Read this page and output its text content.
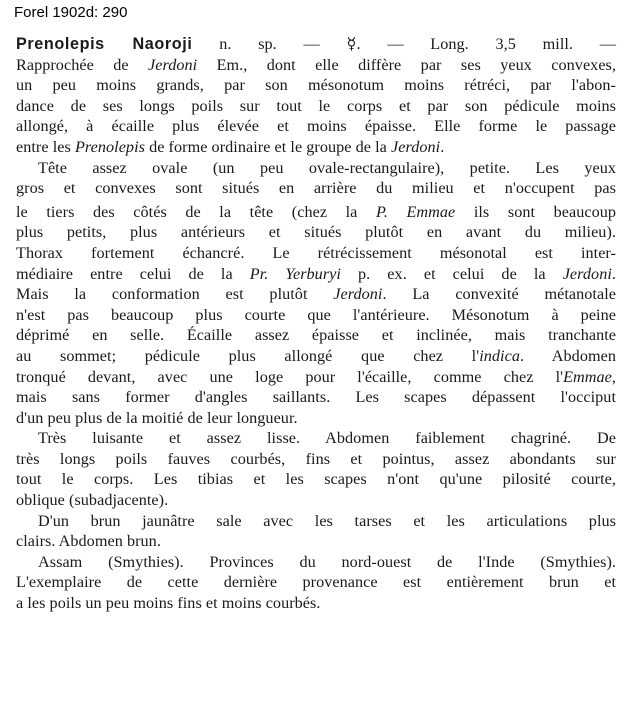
Forel 1902d: 290
Prenolepis Naoroji n. sp. — ☿. — Long. 3,5 mill. —
Rapprochée de Jerdoni Em., dont elle diffère par ses yeux convexes,
un peu moins grands, par son mésonotum moins rétréci, par l'abon-
dance de ses longs poils sur tout le corps et par son pédicule moins
allongé, à écaille plus élevée et moins épaisse. Elle forme le passage
entre les Prenolepis de forme ordinaire et le groupe de la Jerdoni.
Tête assez ovale (un peu ovale-rectangulaire), petite. Les yeux
gros et convexes sont situés en arrière du milieu et n'occupent pas
le tiers des côtés de la tête (chez la P. Emmae ils sont beaucoup
plus petits, plus antérieurs et situés plutôt en avant du milieu).
Thorax fortement échancré. Le rétrécissement mésonotal est inter-
médiaire entre celui de la Pr. Yerburyi p. ex. et celui de la Jerdoni.
Mais la conformation est plutôt Jerdoni. La convexité métanotale
n'est pas beaucoup plus courte que l'antérieure. Mésonotum à peine
déprimé en selle. Écaille assez épaisse et inclinée, mais tranchante
au sommet; pédicule plus allongé que chez l'indica. Abdomen
tronqué devant, avec une loge pour l'écaille, comme chez l'Emmae,
mais sans former d'angles saillants. Les scapes dépassent l'occiput
d'un peu plus de la moitié de leur longueur.
Très luisante et assez lisse. Abdomen faiblement chagriné. De
très longs poils fauves courbés, fins et pointus, assez abondants sur
tout le corps. Les tibias et les scapes n'ont qu'une pilosité courte,
oblique (subadjacente).
D'un brun jaunâtre sale avec les tarses et les articulations plus
clairs. Abdomen brun.
Assam (Smythies). Provinces du nord-ouest de l'Inde (Smythies).
L'exemplaire de cette dernière provenance est entièrement brun et
a les poils un peu moins fins et moins courbés.
